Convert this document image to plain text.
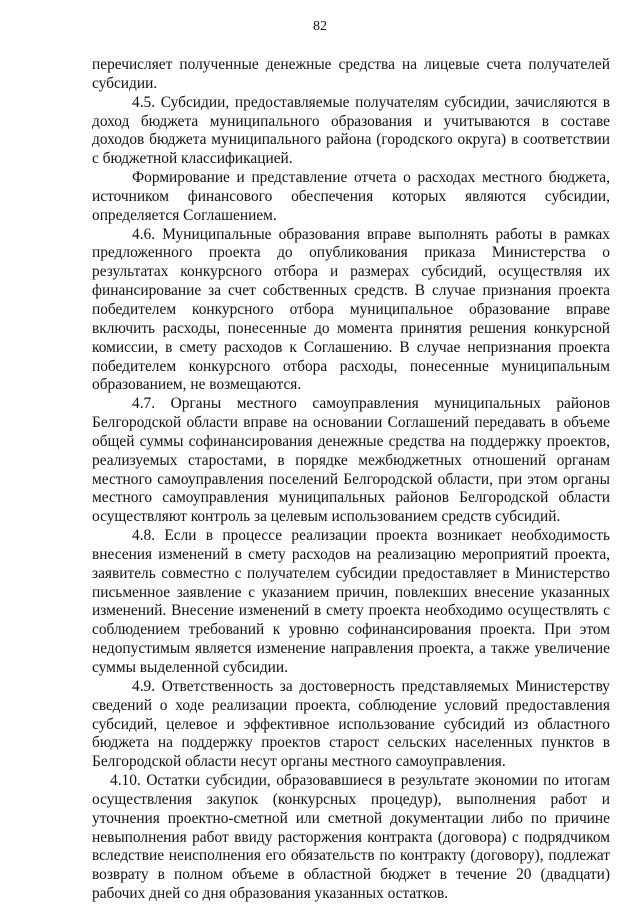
82

перечисляет полученные денежные средства на лицевые счета получателей субсидии.

4.5. Субсидии, предоставляемые получателям субсидии, зачисляются в доход бюджета муниципального образования и учитываются в составе доходов бюджета муниципального района (городского округа) в соответствии с бюджетной классификацией.

Формирование и представление отчета о расходах местного бюджета, источником финансового обеспечения которых являются субсидии, определяется Соглашением.

4.6. Муниципальные образования вправе выполнять работы в рамках предложенного проекта до опубликования приказа Министерства о результатах конкурсного отбора и размерах субсидий, осуществляя их финансирование за счет собственных средств. В случае признания проекта победителем конкурсного отбора муниципальное образование вправе включить расходы, понесенные до момента принятия решения конкурсной комиссии, в смету расходов к Соглашению. В случае непризнания проекта победителем конкурсного отбора расходы, понесенные муниципальным образованием, не возмещаются.

4.7. Органы местного самоуправления муниципальных районов Белгородской области вправе на основании Соглашений передавать в объеме общей суммы софинансирования денежные средства на поддержку проектов, реализуемых старостами, в порядке межбюджетных отношений органам местного самоуправления поселений Белгородской области, при этом органы местного самоуправления муниципальных районов Белгородской области осуществляют контроль за целевым использованием средств субсидий.

4.8. Если в процессе реализации проекта возникает необходимость внесения изменений в смету расходов на реализацию мероприятий проекта, заявитель совместно с получателем субсидии предоставляет в Министерство письменное заявление с указанием причин, повлекших внесение указанных изменений. Внесение изменений в смету проекта необходимо осуществлять с соблюдением требований к уровню софинансирования проекта. При этом недопустимым является изменение направления проекта, а также увеличение суммы выделенной субсидии.

4.9. Ответственность за достоверность представляемых Министерству сведений о ходе реализации проекта, соблюдение условий предоставления субсидий, целевое и эффективное использование субсидий из областного бюджета на поддержку проектов старост сельских населенных пунктов в Белгородской области несут органы местного самоуправления.

4.10. Остатки субсидии, образовавшиеся в результате экономии по итогам осуществления закупок (конкурсных процедур), выполнения работ и уточнения проектно-сметной или сметной документации либо по причине невыполнения работ ввиду расторжения контракта (договора) с подрядчиком вследствие неисполнения его обязательств по контракту (договору), подлежат возврату в полном объеме в областной бюджет в течение 20 (двадцати) рабочих дней со дня образования указанных остатков.
